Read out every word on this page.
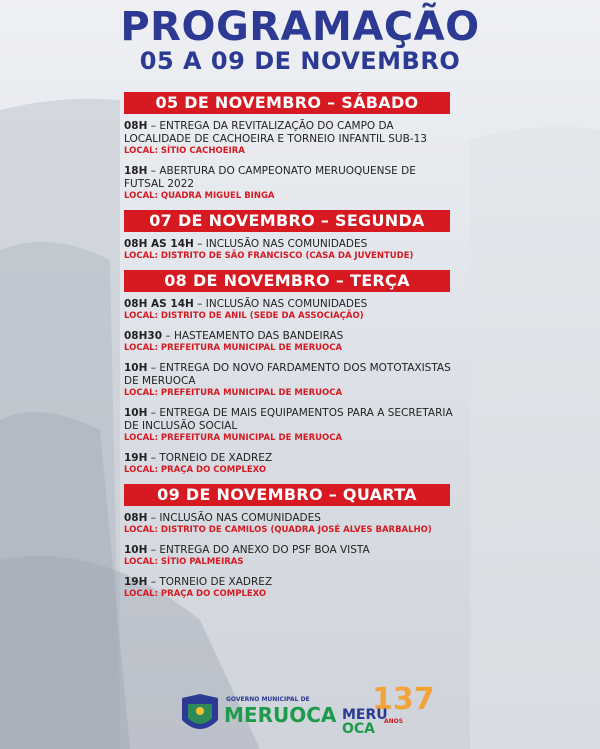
PROGRAMAÇÃO
05 A 09 DE NOVEMBRO
05 DE NOVEMBRO – SÁBADO
08H – ENTREGA DA REVITALIZAÇÃO DO CAMPO DA LOCALIDADE DE CACHOEIRA E TORNEIO INFANTIL SUB-13
LOCAL: SÍTIO CACHOEIRA
18H – ABERTURA DO CAMPEONATO MERUOQUENSE DE FUTSAL 2022
LOCAL: QUADRA MIGUEL BINGA
07 DE NOVEMBRO – SEGUNDA
08H AS 14H – INCLUSÃO NAS COMUNIDADES
LOCAL: DISTRITO DE SÃO FRANCISCO (CASA DA JUVENTUDE)
08 DE NOVEMBRO – TERÇA
08H AS 14H – INCLUSÃO NAS COMUNIDADES
LOCAL: DISTRITO DE ANIL (SEDE DA ASSOCIAÇÃO)
08H30 – HASTEAMENTO DAS BANDEIRAS
LOCAL: PREFEITURA MUNICIPAL DE MERUOCA
10H – ENTREGA DO NOVO FARDAMENTO DOS MOTOTAXISTAS DE MERUOCA
LOCAL: PREFEITURA MUNICIPAL DE MERUOCA
10H – ENTREGA DE MAIS EQUIPAMENTOS PARA A SECRETARIA DE INCLUSÃO SOCIAL
LOCAL: PREFEITURA MUNICIPAL DE MERUOCA
19H – TORNEIO DE XADREZ
LOCAL: PRAÇA DO COMPLEXO
09 DE NOVEMBRO – QUARTA
08H – INCLUSÃO NAS COMUNIDADES
LOCAL: DISTRITO DE CAMILOS (QUADRA JOSÉ ALVES BARBALHO)
10H – ENTREGA DO ANEXO DO PSF BOA VISTA
LOCAL: SÍTIO PALMEIRAS
19H – TORNEIO DE XADREZ
LOCAL: PRAÇA DO COMPLEXO
GOVERNO MUNICIPAL DE
MERUOCA 137
MERU
OCA ANOS
